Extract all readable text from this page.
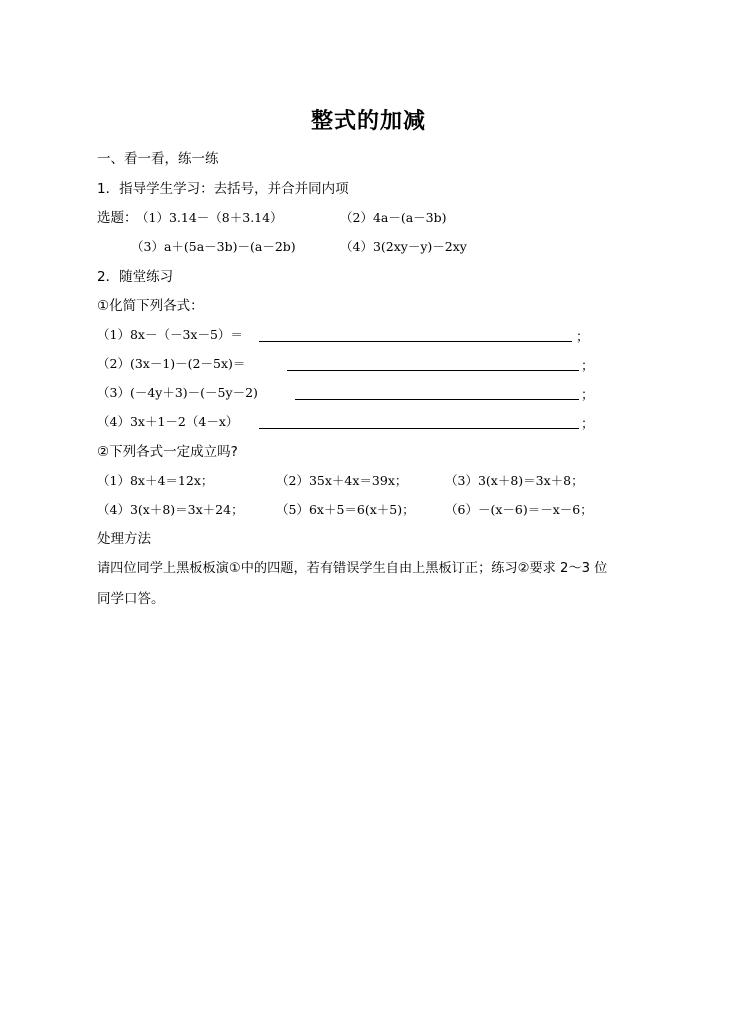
整式的加减
一、看一看，练一练
1．指导学生学习：去括号，并合并同内项
选题：
（1）3.14－（8＋3.14）	（2）4a－(a－3b)
（3）a＋(5a－3b)－(a－2b)	（4）3(2xy－y)－2xy
2．随堂练习
①化简下列各式：
（1）8x－（－3x－5）＝	；
（2）(3x－1)－(2－5x)＝	；
（3）(－4y＋3)－(－5y－2)	；
（4）3x＋1－2（4－x）	；
②下列各式一定成立吗?
（1）8x＋4＝12x；	（2）35x＋4x＝39x；	（3）3(x＋8)＝3x＋8；
（4）3(x＋8)＝3x＋24；	（5）6x＋5＝6(x＋5)； （6）－(x－6)＝－x－6；
处理方法
请四位同学上黑板板演①中的四题，若有错误学生自由上黑板订正；练习②要求 2～3 位
同学口答。
